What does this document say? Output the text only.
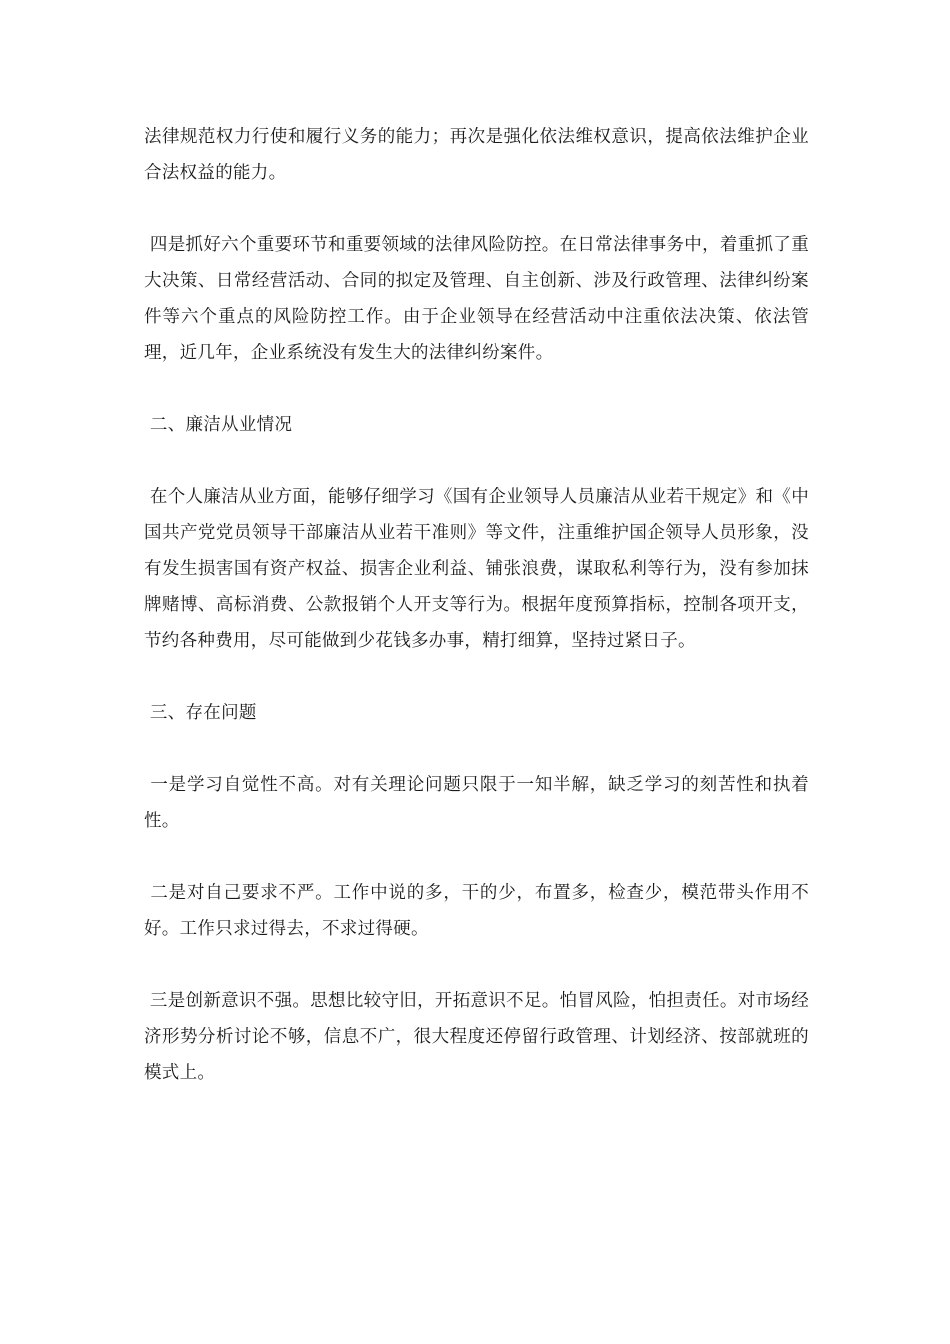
法律规范权力行使和履行义务的能力；再次是强化依法维权意识，提高依法维护企业合法权益的能力。

四是抓好六个重要环节和重要领域的法律风险防控。在日常法律事务中，着重抓了重大决策、日常经营活动、合同的拟定及管理、自主创新、涉及行政管理、法律纠纷案件等六个重点的风险防控工作。由于企业领导在经营活动中注重依法决策、依法管理，近几年，企业系统没有发生大的法律纠纷案件。

二、廉洁从业情况

在个人廉洁从业方面，能够仔细学习《国有企业领导人员廉洁从业若干规定》和《中国共产党党员领导干部廉洁从业若干准则》等文件，注重维护国企领导人员形象，没有发生损害国有资产权益、损害企业利益、铺张浪费，谋取私利等行为，没有参加抹牌赌博、高标消费、公款报销个人开支等行为。根据年度预算指标，控制各项开支，节约各种费用，尽可能做到少花钱多办事，精打细算，坚持过紧日子。

三、存在问题

一是学习自觉性不高。对有关理论问题只限于一知半解，缺乏学习的刻苦性和执着性。

二是对自己要求不严。工作中说的多，干的少，布置多，检查少，模范带头作用不好。工作只求过得去，不求过得硬。

三是创新意识不强。思想比较守旧，开拓意识不足。怕冒风险，怕担责任。对市场经济形势分析讨论不够，信息不广，很大程度还停留行政管理、计划经济、按部就班的模式上。
